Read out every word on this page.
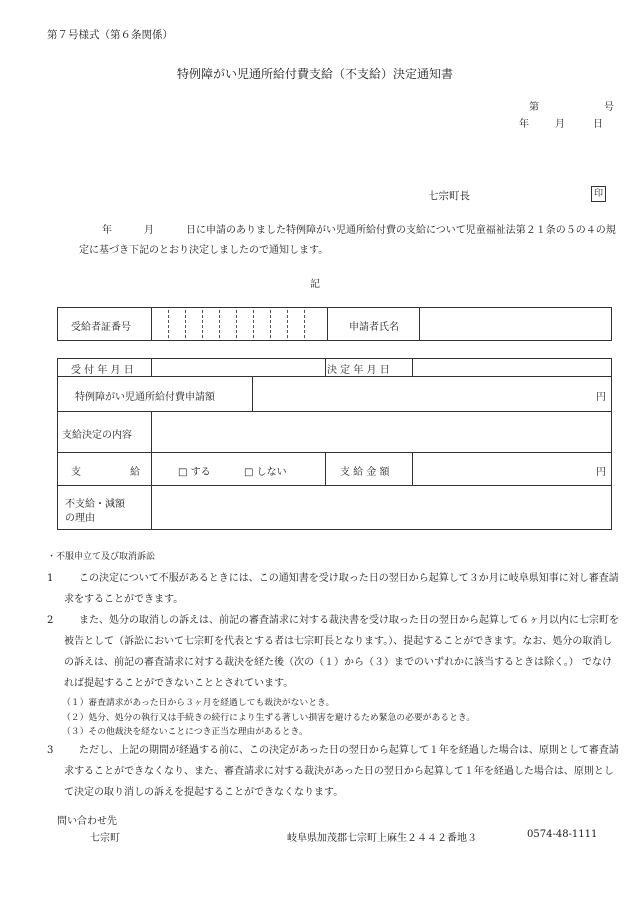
第７号様式（第６条関係）
特例障がい児通所給付費支給（不支給）決定通知書
第	号
年	月	日
七宗町長	印
年	月	日に申請のありました特例障がい児通所給付費の支給について児童福祉法第２１条の５の４の規定に基づき下記のとおり決定しましたので通知します。
記
受給者証番号	申請者氏名
受 付 年 月 日	決 定 年 月 日
特例障がい児通所給付費申請額	円
支給決定の内容
支	給	□ する	□ しない	支 給 金 額	円
不支給・減額
の理由
・不服申立て及び取消訴訟
1	この決定について不服があるときには、この通知書を受け取った日の翌日から起算して３か月に岐阜県知事に対し審査請求をすることができます。
2	また、処分の取消しの訴えは、前記の審査請求に対する裁決書を受け取った日の翌日から起算して６ヶ月以内に七宗町を被告として（訴訟において七宗町を代表とする者は七宗町長となります。）、提起することができます。なお、処分の取消しの訴えは、前記の審査請求に対する裁決を経た後（次の（１）から（３）までのいずれかに該当するときは除く。） でなければ提起することができないこととされています。
（１）審査請求があった日から３ヶ月を経過しても裁決がないとき。
（２）処分、処分の執行又は手続きの続行により生ずる著しい損害を避けるため緊急の必要があるとき。
（３）その他裁決を経ないことにつき正当な理由があるとき。
3	ただし、上記の期間が経過する前に、この決定があった日の翌日から起算して１年を経過した場合は、原則として審査請求することができなくなり、また、審査請求に対する裁決があった日の翌日から起算して１年を経過した場合は、原則として決定の取り消しの訴えを提起することができなくなります。
問い合わせ先
七宗町	岐阜県加茂郡七宗町上麻生２４４２番地３	0574-48-1111
